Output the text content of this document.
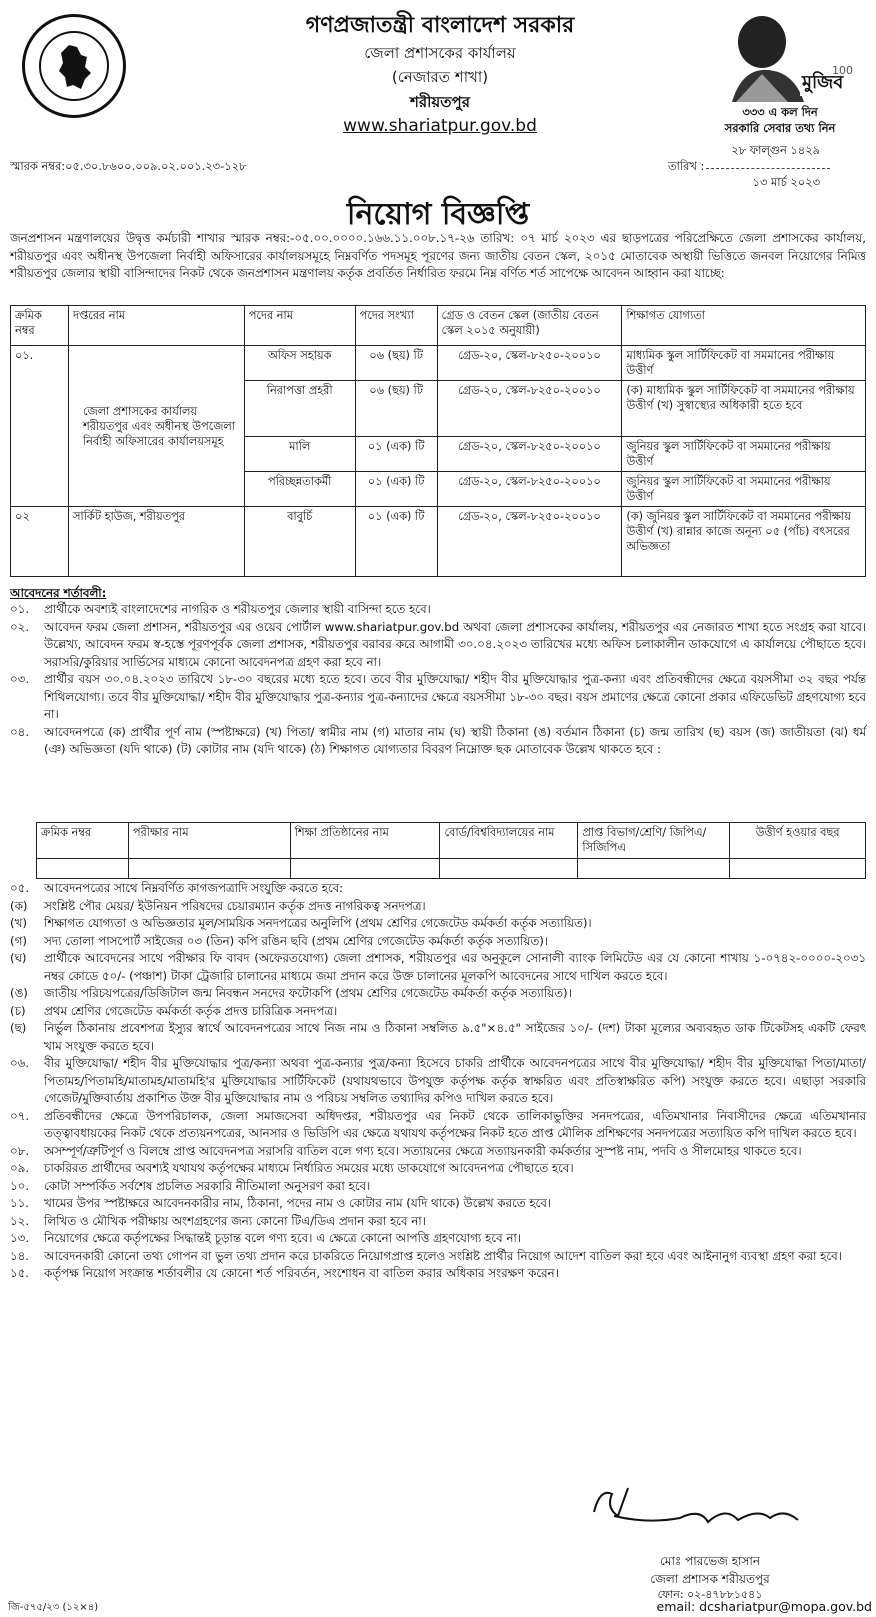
গণপ্রজাতন্ত্রী বাংলাদেশ সরকার
জেলা প্রশাসকের কার্যালয়
(নেজারত শাখা)
শরীয়তপুর
www.shariatpur.gov.bd
মুজিব
100
৩৩৩ এ কল দিন
সরকারি সেবার তথ্য নিন
২৮ ফাল্গুন ১৪২৯
স্মারক নম্বর:০৫.৩০.৮৬০০.০০৯.০২.০০১.২৩-১২৮	তারিখ :
১৩ মার্চ ২০২৩
নিয়োগ বিজ্ঞপ্তি
জনপ্রশাসন মন্ত্রণালয়ের উদ্বৃত্ত কর্মচারী শাখার স্মারক নম্বর:-০৫.০০.০০০০.১৬৬.১১.০০৮.১৭-২৬ তারিখ: ০৭ মার্চ ২০২৩ এর ছাড়পত্রের পরিপ্রেক্ষিতে জেলা প্রশাসকের কার্যালয়, শরীয়তপুর এবং অধীনস্থ উপজেলা নির্বাহী অফিসারের কার্যালয়সমূহে নিম্নবর্ণিত পদসমূহ পূরণের জন্য জাতীয় বেতন স্কেল, ২০১৫ মোতাবেক অস্থায়ী ভিত্তিতে জনবল নিয়োগের নিমিত্ত শরীয়তপুর জেলার স্থায়ী বাসিন্দাদের নিকট থেকে জনপ্রশাসন মন্ত্রণালয় কর্তৃক প্রবর্তিত নির্ধারিত ফরমে নিম্ন বর্ণিত শর্ত সাপেক্ষে আবেদন আহ্বান করা যাচ্ছে:
ক্রমিক নম্বর	দপ্তরের নাম	পদের নাম	পদের সংখ্যা	গ্রেড ও বেতন স্কেল (জাতীয় বেতন স্কেল ২০১৫ অনুযায়ী)	শিক্ষাগত যোগ্যতা
০১.	জেলা প্রশাসকের কার্যালয় শরীয়তপুর এবং অধীনস্থ উপজেলা নির্বাহী অফিসারের কার্যালয়সমূহ	অফিস সহায়ক	০৬ (ছয়) টি	গ্রেড-২০, স্কেল-৮২৫০-২০০১০	মাধ্যমিক স্কুল সার্টিফিকেট বা সমমানের পরীক্ষায় উত্তীর্ণ
		নিরাপত্তা প্রহরী	০৬ (ছয়) টি	গ্রেড-২০, স্কেল-৮২৫০-২০০১০	(ক) মাধ্যমিক স্কুল সার্টিফিকেট বা সমমানের পরীক্ষায় উত্তীর্ণ (খ) সুস্বাস্থ্যের অধিকারী হতে হবে
		মালি	০১ (এক) টি	গ্রেড-২০, স্কেল-৮২৫০-২০০১০	জুনিয়র স্কুল সার্টিফিকেট বা সমমানের পরীক্ষায় উত্তীর্ণ
		পরিচ্ছন্নতাকর্মী	০১ (এক) টি	গ্রেড-২০, স্কেল-৮২৫০-২০০১০	জুনিয়র স্কুল সার্টিফিকেট বা সমমানের পরীক্ষায় উত্তীর্ণ
০২	সার্কিট হাউজ, শরীয়তপুর	বাবুর্চি	০১ (এক) টি	গ্রেড-২০, স্কেল-৮২৫০-২০০১০	(ক) জুনিয়র স্কুল সার্টিফিকেট বা সমমানের পরীক্ষায় উত্তীর্ণ (খ) রান্নার কাজে অনূন্য ০৫ (পাঁচ) বৎসরের অভিজ্ঞতা
আবেদনের শর্তাবলী:
০১.	প্রার্থীকে অবশ্যই বাংলাদেশের নাগরিক ও শরীয়তপুর জেলার স্থায়ী বাসিন্দা হতে হবে।
০২.	আবেদন ফরম জেলা প্রশাসন, শরীয়তপুর এর ওয়েব পোর্টাল www.shariatpur.gov.bd অথবা জেলা প্রশাসকের কার্যালয়, শরীয়তপুর এর নেজারত শাখা হতে সংগ্রহ করা যাবে। উল্লেখ্য, আবেদন ফরম স্ব-হস্তে পূরণপূর্বক জেলা প্রশাসক, শরীয়তপুর বরাবর করে আগামী ৩০.০৪.২০২৩ তারিখের মধ্যে অফিস চলাকালীন ডাকযোগে এ কার্যালয়ে পৌছাতে হবে। সরাসরি/কুরিয়ার সার্ভিসের মাধ্যমে কোনো আবেদনপত্র গ্রহণ করা হবে না।
০৩.	প্রার্থীর বয়স ৩০.০৪.২০২৩ তারিখে ১৮-৩০ বছরের মধ্যে হতে হবে। তবে বীর মুক্তিযোদ্ধা/ শহীদ বীর মুক্তিযোদ্ধার পুত্র-কন্যা এবং প্রতিবন্ধীদের ক্ষেত্রে বয়সসীমা ৩২ বছর পর্যন্ত শিথিলযোগ্য। তবে বীর মুক্তিযোদ্ধা/ শহীদ বীর মুক্তিযোদ্ধার পুত্র-কন্যার পুত্র-কন্যাদের ক্ষেত্রে বয়সসীমা ১৮-৩০ বছর। বয়স প্রমাণের ক্ষেত্রে কোনো প্রকার এফিডেভিট গ্রহণযোগ্য হবে না।
০৪.	আবেদনপত্রে (ক) প্রার্থীর পূর্ণ নাম (স্পষ্টাক্ষরে) (খ) পিতা/ স্বামীর নাম (গ) মাতার নাম (ঘ) স্থায়ী ঠিকানা (ঙ) বর্তমান ঠিকানা (চ) জন্ম তারিখ (ছ) বয়স (জ) জাতীয়তা (ঝ) ধর্ম (ঞ) অভিজ্ঞতা (যদি থাকে) (ট) কোটার নাম (যদি থাকে) (ঠ) শিক্ষাগত যোগ্যতার বিবরণ নিম্নোক্ত ছক মোতাবেক উল্লেখ থাকতে হবে :
ক্রমিক নম্বর	পরীক্ষার নাম	শিক্ষা প্রতিষ্ঠানের নাম	বোর্ড/বিশ্ববিদ্যালয়ের নাম	প্রাপ্ত বিভাগ/শ্রেণি/ জিপিএ/সিজিপিএ	উত্তীর্ণ হওয়ার বছর

০৫.	আবেদনপত্রের সাথে নিম্নবর্ণিত কাগজপত্রাদি সংযুক্তি করতে হবে:
(ক)	সংশ্লিষ্ট পৌর মেয়র/ ইউনিয়ন পরিষদের চেয়ারম্যান কর্তৃক প্রদত্ত নাগরিকত্ব সনদপত্র।
(খ)	শিক্ষাগত যোগ্যতা ও অভিজ্ঞতার মূল/সাময়িক সনদপত্রের অনুলিপি (প্রথম শ্রেণির গেজেটেড কর্মকর্তা কর্তৃক সত্যায়িত)।
(গ)	সদ্য তোলা পাসপোর্ট সাইজের ০৩ (তিন) কপি রঙিন ছবি (প্রথম শ্রেণির গেজেটেড কর্মকর্তা কর্তৃক সত্যায়িত)।
(ঘ)	প্রার্থীকে আবেদনের সাথে পরীক্ষার ফি বাবদ (অফেরতযোগ্য) জেলা প্রশাসক, শরীয়তপুর এর অনুকূলে সোনালী ব্যাংক লিমিটেড এর যে কোনো শাখায় ১-০৭৪২-০০০০-২০৩১ নম্বর কোডে ৫০/- (পঞ্চাশ) টাকা ট্রেজারি চালানের মাধ্যমে জমা প্রদান করে উক্ত চালানের মূলকপি আবেদনের সাথে দাখিল করতে হবে।
(ঙ)	জাতীয় পরিচয়পত্রের/ডিজিটাল জন্ম নিবন্ধন সনদের ফটোকপি (প্রথম শ্রেণির গেজেটেড কর্মকর্তা কর্তৃক সত্যায়িত)।
(চ)	প্রথম শ্রেণির গেজেটেড কর্মকর্তা কর্তৃক প্রদত্ত চারিত্রিক সনদপত্র।
(ছ)	নির্ভুল ঠিকানায় প্রবেশপত্র ইস্যুর স্বার্থে আবেদনপত্রের সাথে নিজ নাম ও ঠিকানা সম্বলিত ৯.৫"×৪.৫" সাইজের ১০/- (দশ) টাকা মূল্যের অব্যবহৃত ডাক টিকেটসহ একটি ফেরৎ খাম সংযুক্ত করতে হবে।
০৬.	বীর মুক্তিযোদ্ধা/ শহীদ বীর মুক্তিযোদ্ধার পুত্র/কন্যা অথবা পুত্র-কন্যার পুত্র/কন্যা হিসেবে চাকরি প্রার্থীকে আবেদনপত্রের সাথে বীর মুক্তিযোদ্ধা/ শহীদ বীর মুক্তিযোদ্ধা পিতা/মাতা/পিতামহ/পিতামহি/মাতামহ/মাতামহি'র মুক্তিযোদ্ধার সার্টিফিকেট (যথাযথভাবে উপযুক্ত কর্তৃপক্ষ কর্তৃক স্বাক্ষরিত এবং প্রতিস্বাক্ষরিত কপি) সংযুক্ত করতে হবে। এছাড়া সরকারি গেজেট/মুক্তিবার্তায় প্রকাশিত উক্ত বীর মুক্তিযোদ্ধার নাম ও পরিচয় সম্বলিত তথ্যাদির কপিও দাখিল করতে হবে।
০৭.	প্রতিবন্ধীদের ক্ষেত্রে উপপরিচালক, জেলা সমাজসেবা অধিদপ্তর, শরীয়তপুর এর নিকট থেকে তালিকাভুক্তির সনদপত্রের, এতিমখানার নিবাসীদের ক্ষেত্রে এতিমখানার তত্ত্বাবধায়কের নিকট থেকে প্রত্যয়নপত্রের, আনসার ও ভিডিপি এর ক্ষেত্রে যথাযথ কর্তৃপক্ষের নিকট হতে প্রাপ্ত মৌলিক প্রশিক্ষণের সনদপত্রের সত্যায়িত কপি দাখিল করতে হবে।
০৮.	অসম্পূর্ণ/ত্রুটিপূর্ণ ও বিলম্বে প্রাপ্ত আবেদনপত্র সরাসরি বাতিল বলে গণ্য হবে। সত্যায়নের ক্ষেত্রে সত্যায়নকারী কর্মকর্তার সুস্পষ্ট নাম, পদবি ও সীলমোহর থাকতে হবে।
০৯.	চাকরিরত প্রার্থীদের অবশ্যই যথাযথ কর্তৃপক্ষের মাধ্যমে নির্ধারিত সময়ের মধ্যে ডাকযোগে আবেদনপত্র পৌছাতে হবে।
১০.	কোটা সম্পর্কিত সর্বশেষ প্রচলিত সরকারি নীতিমালা অনুসরণ করা হবে।
১১.	খামের উপর স্পষ্টাক্ষরে আবেদনকারীর নাম, ঠিকানা, পদের নাম ও কোটার নাম (যদি থাকে) উল্লেখ করতে হবে।
১২.	লিখিত ও মৌখিক পরীক্ষায় অংশগ্রহণের জন্য কোনো টিএ/ডিএ প্রদান করা হবে না।
১৩.	নিয়োগের ক্ষেত্রে কর্তৃপক্ষের সিদ্ধান্তই চূড়ান্ত বলে গণ্য হবে। এ ক্ষেত্রে কোনো আপত্তি গ্রহণযোগ্য হবে না।
১৪.	আবেদনকারী কোনো তথ্য গোপন বা ভুল তথ্য প্রদান করে চাকরিতে নিয়োগপ্রাপ্ত হলেও সংশ্লিষ্ট প্রার্থীর নিয়োগ আদেশ বাতিল করা হবে এবং আইনানুগ ব্যবস্থা গ্রহণ করা হবে।
১৫.	কর্তৃপক্ষ নিয়োগ সংক্রান্ত শর্তাবলীর যে কোনো শর্ত পরিবর্তন, সংশোধন বা বাতিল করার অধিকার সংরক্ষণ করেন।
মোঃ পারভেজ হাসান
জেলা প্রশাসক শরীয়তপুর
ফোন: ০২-৪৭৮৮১৫৪১
email: dcshariatpur@mopa.gov.bd
জি-৫৭৫/২৩ (১২×৪)
